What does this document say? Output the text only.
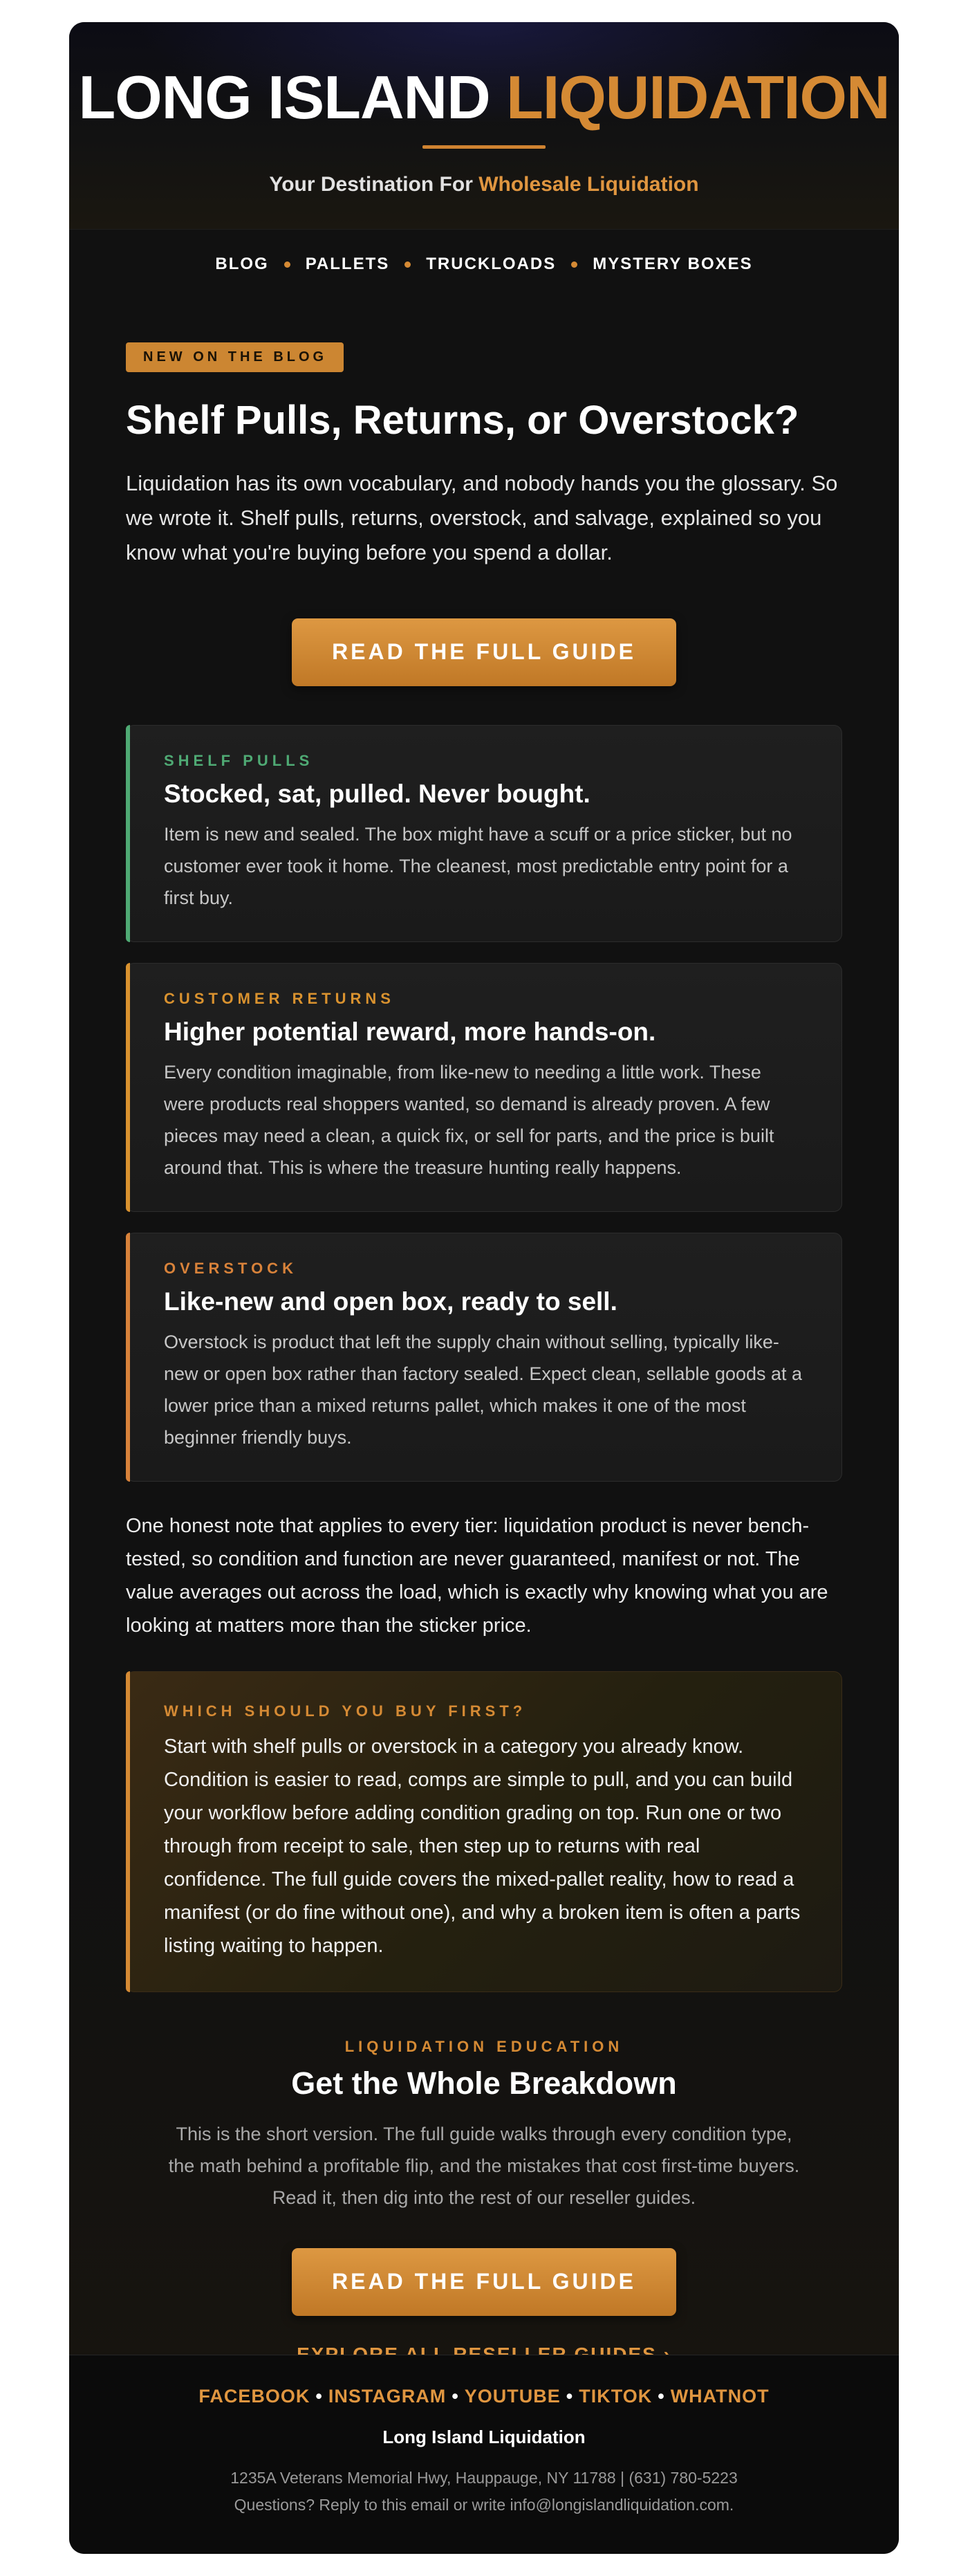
LONG ISLAND LIQUIDATION
Your Destination For Wholesale Liquidation
BLOG PALLETS TRUCKLOADS MYSTERY BOXES
NEW ON THE BLOG
Shelf Pulls, Returns, or Overstock?

Liquidation has its own vocabulary, and nobody hands you the glossary. So we wrote it. Shelf pulls, returns, overstock, and salvage, explained so you know what you're buying before you spend a dollar.

READ THE FULL GUIDE
SHELF PULLS
Stocked, sat, pulled. Never bought.
Item is new and sealed. The box might have a scuff or a price sticker, but no customer ever took it home. The cleanest, most predictable entry point for a first buy.
CUSTOMER RETURNS
Higher potential reward, more hands-on.
Every condition imaginable, from like-new to needing a little work. These were products real shoppers wanted, so demand is already proven. A few pieces may need a clean, a quick fix, or sell for parts, and the price is built around that. This is where the treasure hunting really happens.
OVERSTOCK
Like-new and open box, ready to sell.
Overstock is product that left the supply chain without selling, typically like-new or open box rather than factory sealed. Expect clean, sellable goods at a lower price than a mixed returns pallet, which makes it one of the most beginner friendly buys.

One honest note that applies to every tier: liquidation product is never bench-tested, so condition and function are never guaranteed, manifest or not. The value averages out across the load, which is exactly why knowing what you are looking at matters more than the sticker price.

WHICH SHOULD YOU BUY FIRST?
Start with shelf pulls or overstock in a category you already know. Condition is easier to read, comps are simple to pull, and you can build your workflow before adding condition grading on top. Run one or two through from receipt to sale, then step up to returns with real confidence. The full guide covers the mixed-pallet reality, how to read a manifest (or do fine without one), and why a broken item is often a parts listing waiting to happen.
LIQUIDATION EDUCATION
Get the Whole Breakdown
This is the short version. The full guide walks through every condition type, the math behind a profitable flip, and the mistakes that cost first-time buyers. Read it, then dig into the rest of our reseller guides.
READ THE FULL GUIDE
FACEBOOK • INSTAGRAM • YOUTUBE • TIKTOK • WHATNOT
Long Island Liquidation
1235A Veterans Memorial Hwy, Hauppauge, NY 11788 | (631) 780-5223
Questions? Reply to this email or write info@longislandliquidation.com.
